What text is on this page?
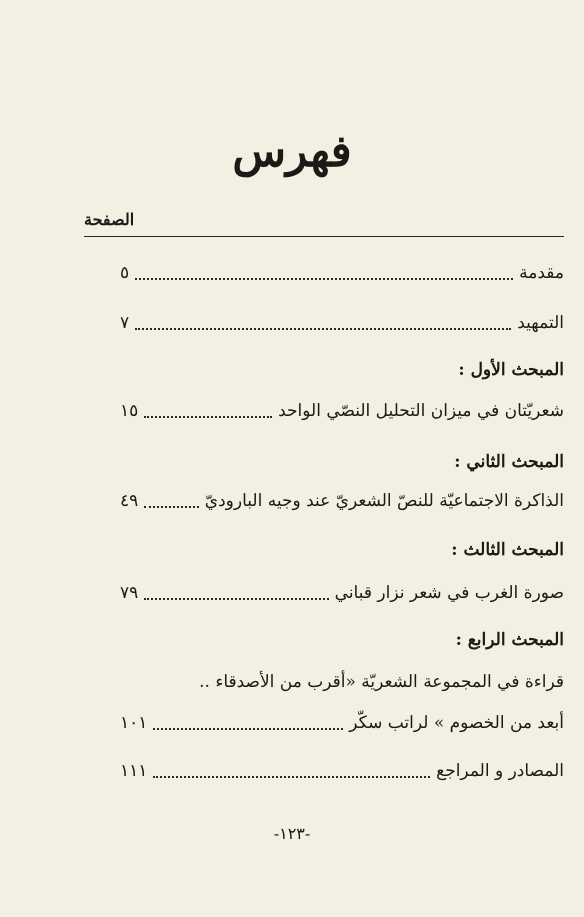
فهرس
الصفحة
مقدمة
٥
التمهيد
٧
المبحث الأول :
شعريّتان في ميزان التحليل النصّي الواحد
١٥
المبحث الثاني :
الذاكرة الاجتماعيّة للنصّ الشعريّ عند وجيه الباروديّ
٤٩
المبحث الثالث :
صورة الغرب في شعر نزار قباني
٧٩
المبحث الرابع :
قراءة في المجموعة الشعريّة «أقرب من الأصدقاء ..
أبعد من الخصوم » لراتب سكّر
١٠١
المصادر و المراجع
١١١
-١٢٣-
